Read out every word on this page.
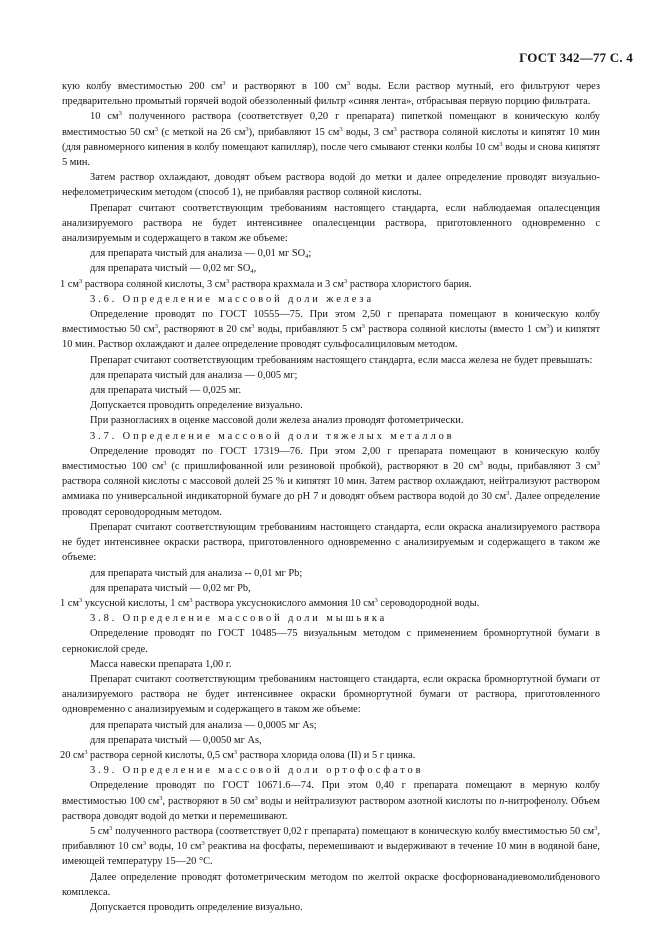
ГОСТ 342—77 С. 4

кую колбу вместимостью 200 $см^3$ и растворяют в 100 $см^3$ воды. Если раствор мутный, его фильтруют через предварительно промытый горячей водой обеззоленный фильтр «синяя лента», отбрасывая первую порцию фильтрата.

10 $см^3$ полученного раствора (соответствует 0,20 г препарата) пипеткой помещают в коническую колбу вместимостью 50 $см^3$ (с меткой на 26 $см^3$), прибавляют 15 $см^3$ воды, 3 $см^3$ раствора соляной кислоты и кипятят 10 мин (для равномерного кипения в колбу помещают капилляр), после чего смывают стенки колбы 10 $см^3$ воды и снова кипятят 5 мин.

Затем раствор охлаждают, доводят объем раствора водой до метки и далее определение проводят визуально-нефелометрическим методом (способ 1), не прибавляя раствор соляной кислоты.

Препарат считают соответствующим требованиям настоящего стандарта, если наблюдаемая опалесценция анализируемого раствора не будет интенсивнее опалесценции раствора, приготовленного одновременно с анализируемым и содержащего в таком же объеме:

для препарата чистый для анализа — 0,01 мг $SO_4$;

для препарата чистый — 0,02 мг $SO_4$,

1 $см^3$ раствора соляной кислоты, 3 $см^3$ раствора крахмала и 3 $см^3$ раствора хлористого бария.

3.6. Определение массовой доли железа

Определение проводят по ГОСТ 10555—75. При этом 2,50 г препарата помещают в коническую колбу вместимостью 50 $см^3$, растворяют в 20 $см^3$ воды, прибавляют 5 $см^3$ раствора соляной кислоты (вместо 1 $см^3$) и кипятят 10 мин. Раствор охлаждают и далее определение проводят сульфосалициловым методом.

Препарат считают соответствующим требованиям настоящего стандарта, если масса железа не будет превышать:

для препарата чистый для анализа — 0,005 мг;

для препарата чистый — 0,025 мг.

Допускается проводить определение визуально.

При разногласиях в оценке массовой доли железа анализ проводят фотометрически.

3.7. Определение массовой доли тяжелых металлов

Определение проводят по ГОСТ 17319—76. При этом 2,00 г препарата помещают в коническую колбу вместимостью 100 $см^3$ (с пришлифованной или резиновой пробкой), растворяют в 20 $см^3$ воды, прибавляют 3 $см^3$ раствора соляной кислоты с массовой долей 25 % и кипятят 10 мин. Затем раствор охлаждают, нейтрализуют раствором аммиака по универсальной индикаторной бумаге до рН 7 и доводят объем раствора водой до 30 $см^3$. Далее определение проводят сероводородным методом.

Препарат считают соответствующим требованиям настоящего стандарта, если окраска анализируемого раствора не будет интенсивнее окраски раствора, приготовленного одновременно с анализируемым и содержащего в таком же объеме:

для препарата чистый для анализа -- 0,01 мг Pb;

для препарата чистый — 0,02 мг Pb,

1 $см^3$ уксусной кислоты, 1 $см^3$ раствора уксуснокислого аммония 10 $см^3$ сероводородной воды.

3.8. Определение массовой доли мышьяка

Определение проводят по ГОСТ 10485—75 визуальным методом с применением бромнортутной бумаги в сернокислой среде.

Масса навески препарата 1,00 г.

Препарат считают соответствующим требованиям настоящего стандарта, если окраска бромнортутной бумаги от анализируемого раствора не будет интенсивнее окраски бромнортутной бумаги от раствора, приготовленного одновременно с анализируемым и содержащего в таком же объеме:

для препарата чистый для анализа — 0,0005 мг As;

для препарата чистый — 0,0050 мг As,

20 $см^3$ раствора серной кислоты, 0,5 $см^3$ раствора хлорида олова (II) и 5 г цинка.

3.9. Определение массовой доли ортофосфатов

Определение проводят по ГОСТ 10671.6—74. При этом 0,40 г препарата помещают в мерную колбу вместимостью 100 $см^3$, растворяют в 50 $см^3$ воды и нейтрализуют раствором азотной кислоты по n-нитрофенолу. Объем раствора доводят водой до метки и перемешивают.

5 $см^3$ полученного раствора (соответствует 0,02 г препарата) помещают в коническую колбу вместимостью 50 $см^3$, прибавляют 10 $см^3$ воды, 10 $см^3$ реактива на фосфаты, перемешивают и выдерживают в течение 10 мин в водяной бане, имеющей температуру 15—20 °С.

Далее определение проводят фотометрическим методом по желтой окраске фосфорнованадиевомолибденового комплекса.

Допускается проводить определение визуально.
